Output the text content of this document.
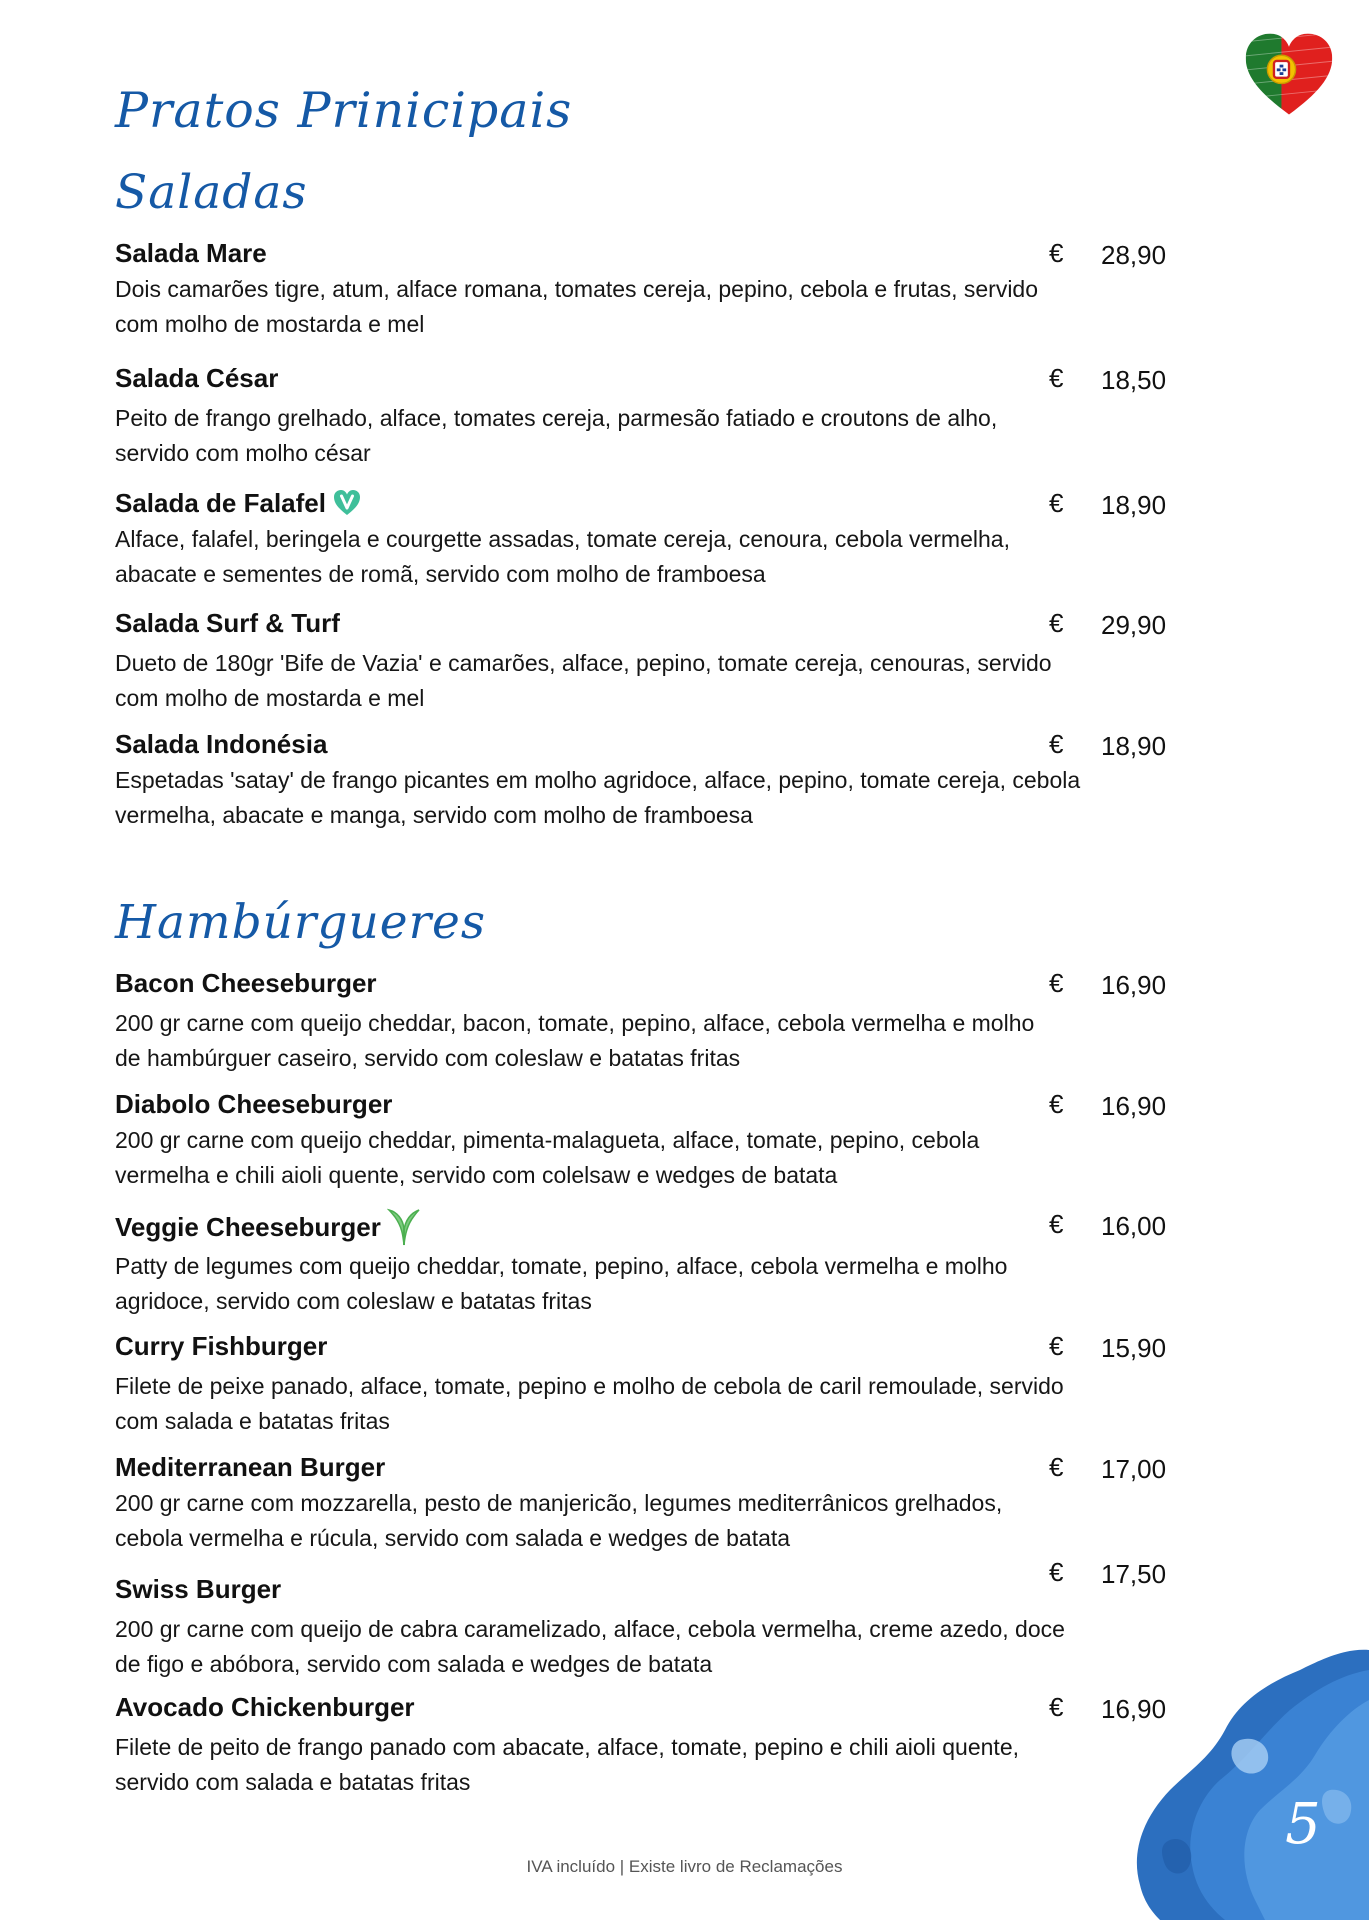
Pratos Prinicipais
Saladas
Salada Mare	€ 28,90
Dois camarões tigre, atum, alface romana, tomates cereja, pepino, cebola e frutas, servido com molho de mostarda e mel
Salada César	€ 18,50
Peito de frango grelhado, alface, tomates cereja, parmesão fatiado e croutons de alho, servido com molho césar
Salada de Falafel	€ 18,90
Alface, falafel, beringela e courgette assadas, tomate cereja, cenoura, cebola vermelha, abacate e sementes de romã, servido com molho de framboesa
Salada Surf & Turf	€ 29,90
Dueto de 180gr 'Bife de Vazia' e camarões, alface, pepino, tomate cereja, cenouras, servido com molho de mostarda e mel
Salada Indonésia	€ 18,90
Espetadas 'satay' de frango picantes em molho agridoce, alface, pepino, tomate cereja, cebola vermelha, abacate e manga, servido com molho de framboesa
Hambúrgueres
Bacon Cheeseburger	€ 16,90
200 gr carne com queijo cheddar, bacon, tomate, pepino, alface, cebola vermelha e molho de hambúrguer caseiro, servido com coleslaw e batatas fritas
Diabolo Cheeseburger	€ 16,90
200 gr carne com queijo cheddar, pimenta-malagueta, alface, tomate, pepino, cebola vermelha e chili aioli quente, servido com colelsaw e wedges de batata
Veggie Cheeseburger	€ 16,00
Patty de legumes com queijo cheddar, tomate, pepino, alface, cebola vermelha e molho agridoce, servido com coleslaw e batatas fritas
Curry Fishburger	€ 15,90
Filete de peixe panado, alface, tomate, pepino e molho de cebola de caril remoulade, servido com salada e batatas fritas
Mediterranean Burger	€ 17,00
200 gr carne com mozzarella, pesto de manjericão, legumes mediterrânicos grelhados, cebola vermelha e rúcula, servido com salada e wedges de batata
Swiss Burger
€ 17,50
200 gr carne com queijo de cabra caramelizado, alface, cebola vermelha, creme azedo, doce de figo e abóbora, servido com salada e wedges de batata
Avocado Chickenburger	€ 16,90
Filete de peito de frango panado com abacate, alface, tomate, pepino e chili aioli quente, servido com salada e batatas fritas
5
IVA incluído | Existe livro de Reclamações
